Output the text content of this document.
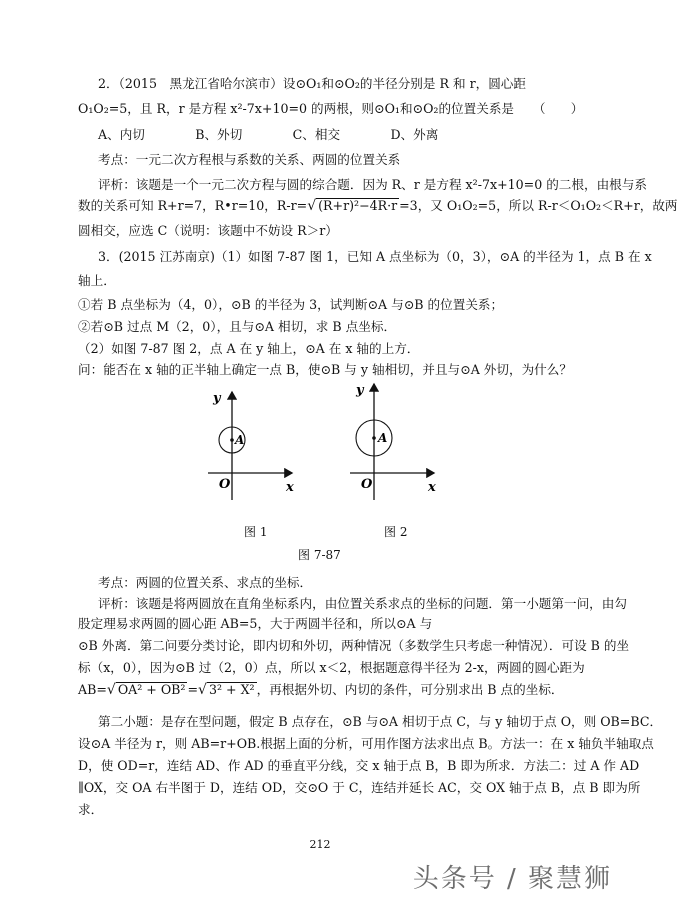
2．（2015　黑龙江省哈尔滨市）设⊙O₁和⊙O₂的半径分别是 R 和 r，圆心距
O₁O₂=5，且 R，r 是方程 x²-7x+10=0 的两根，则⊙O₁和⊙O₂的位置关系是　　（　　）
A、内切　　　　B、外切　　　　C、相交　　　　D、外离
考点：一元二次方程根与系数的关系、两圆的位置关系
评析：该题是一个一元二次方程与圆的综合题．因为 R、r 是方程 x²-7x+10=0 的二根，由根与系
数的关系可知 R+r=7，R•r=10，R-r=√ (R+r)²−4R·r =3，又 O₁O₂=5，所以 R-r＜O₁O₂＜R+r，故两
圆相交，应选 C（说明：该题中不妨设 R＞r）
3．(2015 江苏南京)（1）如图 7-87 图 1，已知 A 点坐标为（0，3），⊙A 的半径为 1，点 B 在 x
轴上．
①若 B 点坐标为（4，0），⊙B 的半径为 3，试判断⊙A 与⊙B 的位置关系；
②若⊙B 过点 M（2，0），且与⊙A 相切，求 B 点坐标．
（2）如图 7-87 图 2，点 A 在 y 轴上，⊙A 在 x 轴的上方．
问：能否在 x 轴的正半轴上确定一点 B，使⊙B 与 y 轴相切，并且与⊙A 外切，为什么？
y
x
O
A
y
x
O
A
图 1	图 2
图 7-87
考点：两圆的位置关系、求点的坐标．
评析：该题是将两圆放在直角坐标系内，由位置关系求点的坐标的问题．第一小题第一问，由勾
股定理易求两圆的圆心距 AB=5，大于两圆半径和，所以⊙A 与
⊙B 外离．第二问要分类讨论，即内切和外切，两种情况（多数学生只考虑一种情况）．可设 B 的坐
标（x，0），因为⊙B 过（2，0）点，所以 x＜2，根据题意得半径为 2-x，两圆的圆心距为
AB=√ OA² + OB² =√ 3² + X² ，再根据外切、内切的条件，可分别求出 B 点的坐标．
第二小题：是存在型问题，假定 B 点存在，⊙B 与⊙A 相切于点 C，与 y 轴切于点 O，则 OB=BC．
设⊙A 半径为 r，则 AB=r+OB.根据上面的分析，可用作图方法求出点 B。方法一：在 x 轴负半轴取点
D，使 OD=r，连结 AD、作 AD 的垂直平分线，交 x 轴于点 B，B 即为所求．方法二：过 A 作 AD
∥OX，交 OA 右半图于 D，连结 OD，交⊙O 于 C，连结并延长 AC，交 OX 轴于点 B，点 B 即为所
求．
212
头条号 / 聚慧狮
